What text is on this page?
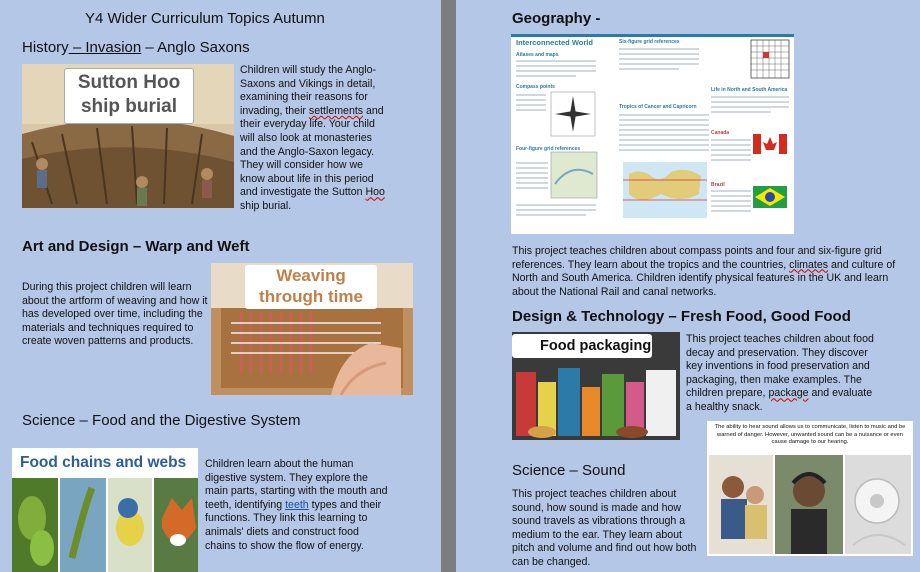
Y4 Wider Curriculum Topics Autumn
History – Invasion – Anglo Saxons
Sutton Hoo
ship burial
Children will study the Anglo-Saxons and Vikings in detail, examining their reasons for invading, their settlements and their everyday life. Your child will also look at monasteries and the Anglo-Saxon legacy. They will consider how we know about life in this period and investigate the Sutton Hoo ship burial.
Art and Design – Warp and Weft
During this project children will learn about the artform of weaving and how it has developed over time, including the materials and techniques required to create woven patterns and products.
Weaving
through time
Science – Food and the Digestive System
Food chains and webs	Children learn about the human digestive system. They explore the main parts, starting with the mouth and teeth, identifying teeth types and their functions. They link this learning to animals' diets and construct food chains to show the flow of energy.
Geography -
Interconnected World
Atlases and maps
Compass points
Four-figure grid references
Six-figure grid references
Tropics of Cancer and Capricorn
Life in North and South America
Canada
Brazil
This project teaches children about compass points and four and six-figure grid references. They learn about the tropics and the countries, climates and culture of North and South America. Children identify physical features in the UK and learn about the National Rail and canal networks.
Design & Technology – Fresh Food, Good Food
Food packaging	This project teaches children about food decay and preservation. They discover key inventions in food preservation and packaging, then make examples. The children prepare, package and evaluate a healthy snack.
The ability to hear sound allows us to communicate, listen to music and be warned of danger. However, unwanted sound can be a nuisance or even cause damage to our hearing.
Science – Sound
This project teaches children about sound, how sound is made and how sound travels as vibrations through a medium to the ear. They learn about pitch and volume and find out how both can be changed.
